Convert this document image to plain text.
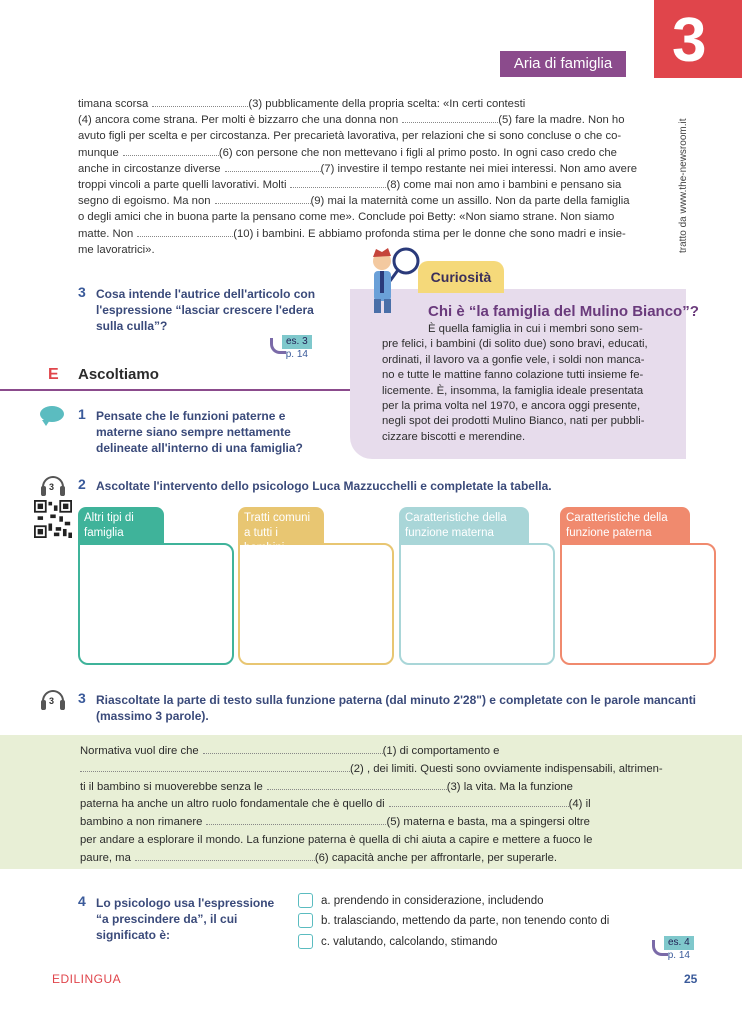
Unità 3
Aria di famiglia
tratto da www.the-newsroom.it
timana scorsa	(3) pubblicamente della propria scelta: «In certi contesti
(4) ancora come strana. Per molti è bizzarro che una donna non	(5) fare la madre. Non ho
avuto figli per scelta e per circostanza. Per precarietà lavorativa, per relazioni che si sono concluse o che co-
munque	(6) con persone che non mettevano i figli al primo posto. In ogni caso credo che
anche in circostanze diverse	(7) investire il tempo restante nei miei interessi. Non amo avere
troppi vincoli a parte quelli lavorativi. Molti	(8) come mai non amo i bambini e pensano sia
segno di egoismo. Ma non	(9) mai la maternità come un assillo. Non da parte della famiglia
o degli amici che in buona parte la pensano come me». Conclude poi Betty: «Non siamo strane. Non siamo
matte. Non	(10) i bambini. E abbiamo profonda stima per le donne che sono madri e insie-
me lavoratrici».
3 Cosa intende l'autrice dell'articolo con l'espressione “lasciar crescere l'edera sulla culla”?
es. 3
p. 14
E Ascoltiamo
Curiosità
Chi è “la famiglia del Mulino Bianco”?
È quella famiglia in cui i membri sono sem-
pre felici, i bambini (di solito due) sono bravi, educati,
ordinati, il lavoro va a gonfie vele, i soldi non manca-
no e tutte le mattine fanno colazione tutti insieme fe-
licemente. È, insomma, la famiglia ideale presentata
per la prima volta nel 1970, e ancora oggi presente,
negli spot dei prodotti Mulino Bianco, nati per pubbli-
cizzare biscotti e merendine.
1 Pensate che le funzioni paterne e materne siano sempre nettamente delineate all'interno di una famiglia?
3 2 Ascoltate l'intervento dello psicologo Luca Mazzucchelli e completate la tabella.
Altri tipi di famiglia
Tratti comuni a tutti i bambini
Caratteristiche della funzione materna
Caratteristiche della funzione paterna
3 3 Riascoltate la parte di testo sulla funzione paterna (dal minuto 2'28") e completate con le parole mancanti (massimo 3 parole).
Normativa vuol dire che	(1) di comportamento e
(2) , dei limiti. Questi sono ovviamente indispensabili, altrimen-
ti il bambino si muoverebbe senza le	(3) la vita. Ma la funzione
paterna ha anche un altro ruolo fondamentale che è quello di	(4) il
bambino a non rimanere	(5) materna e basta, ma a spingersi oltre
per andare a esplorare il mondo. La funzione paterna è quella di chi aiuta a capire e mettere a fuoco le
paure, ma	(6) capacità anche per affrontarle, per superarle.
4 Lo psicologo usa l'espressione “a prescindere da”, il cui significato è:
a. prendendo in considerazione, includendo
b. tralasciando, mettendo da parte, non tenendo conto di
c. valutando, calcolando, stimando	es. 4
p. 14
EDILINGUA	25
